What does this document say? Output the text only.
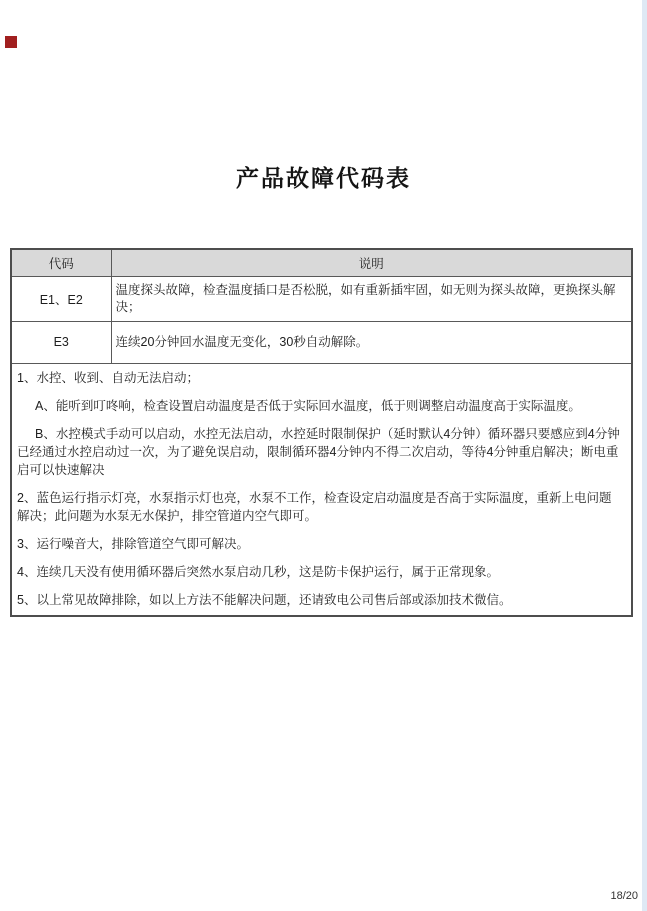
产品故障代码表
代码	说明
E1、E2	温度探头故障，检查温度插口是否松脱，如有重新插牢固，如无则为探头故障，更换探头解决；
E3	连续20分钟回水温度无变化，30秒自动解除。

1、水控、收到、自动无法启动；

A、能听到叮咚响，检查设置启动温度是否低于实际回水温度，低于则调整启动温度高于实际温度。

B、水控模式手动可以启动，水控无法启动，水控延时限制保护（延时默认4分钟）循环器只要感应到4分钟已经通过水控启动过一次，为了避免误启动，限制循环器4分钟内不得二次启动，等待4分钟重启解决；断电重启可以快速解决

2、蓝色运行指示灯亮，水泵指示灯也亮，水泵不工作，检查设定启动温度是否高于实际温度，重新上电问题解决；此问题为水泵无水保护，排空管道内空气即可。

3、运行噪音大，排除管道空气即可解决。

4、连续几天没有使用循环器后突然水泵启动几秒，这是防卡保护运行，属于正常现象。

5、以上常见故障排除，如以上方法不能解决问题，还请致电公司售后部或添加技术微信。

18/20
